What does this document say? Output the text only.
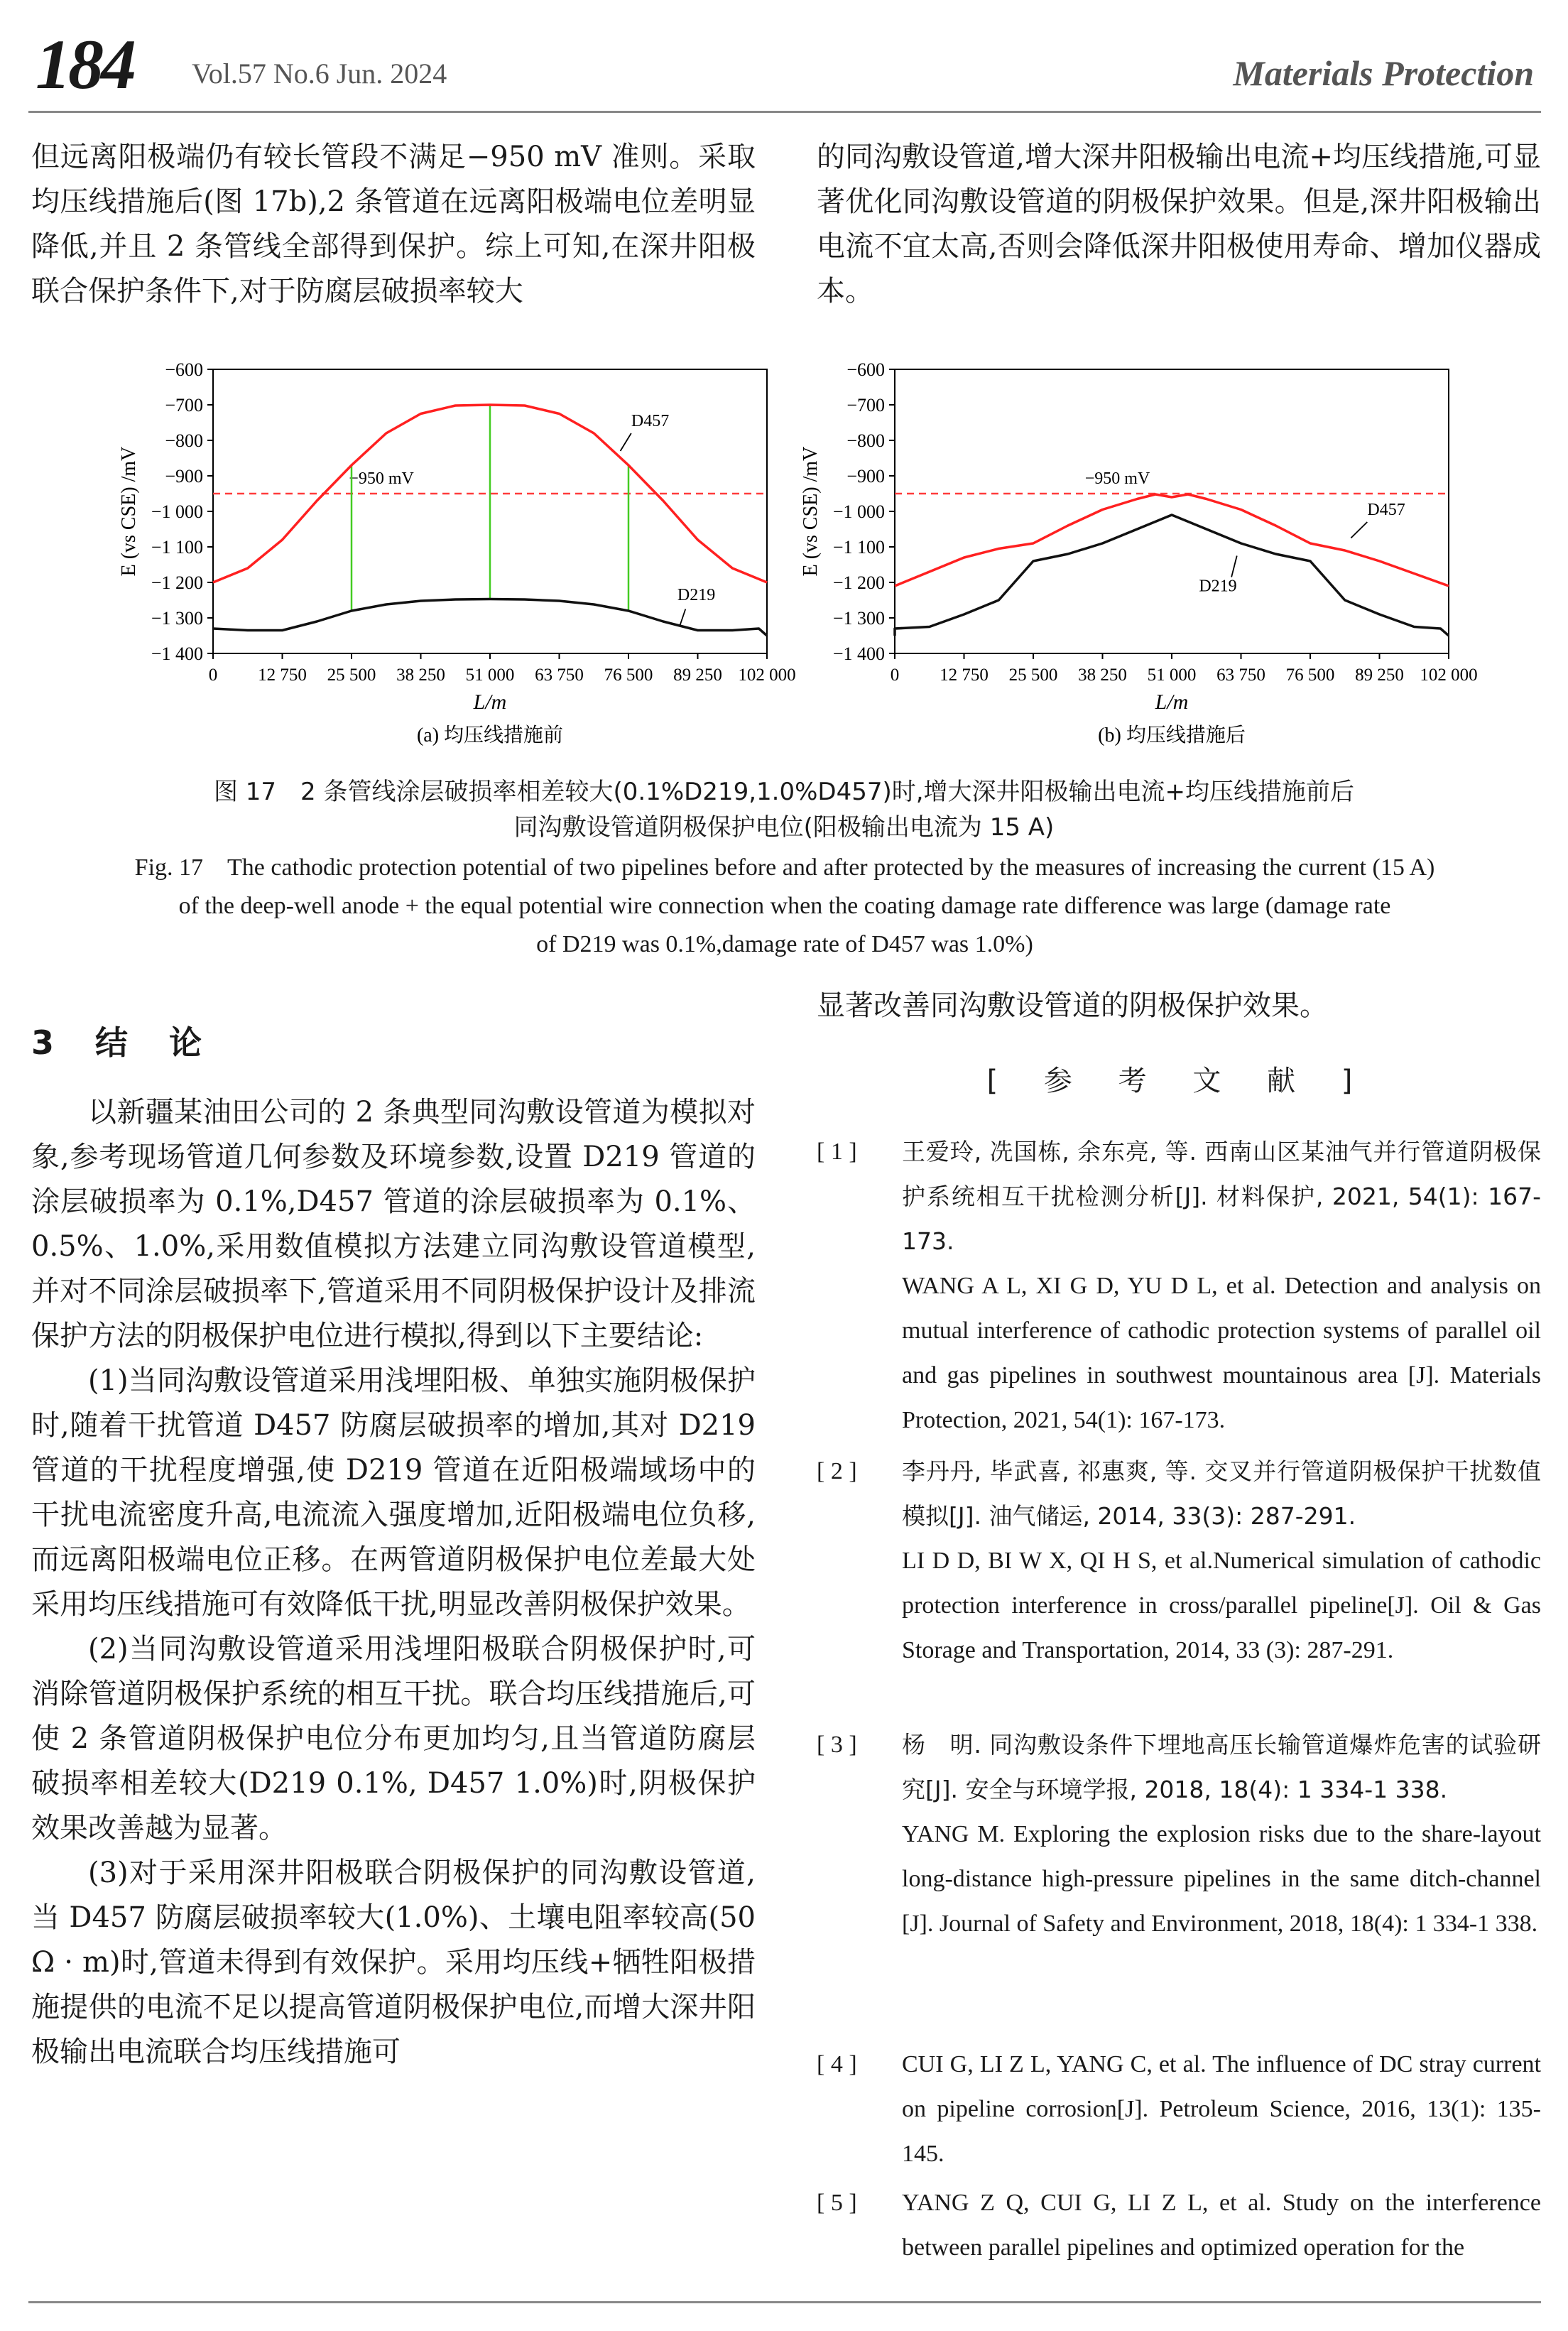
184 Vol.57 No.6 Jun. 2024	Materials Protection

但远离阳极端仍有较长管段不满足−950 mV 准则。采取均压线措施后(图 17b),2 条管道在远离阳极端电位差明显降低,并且 2 条管线全部得到保护。综上可知,在深井阳极联合保护条件下,对于防腐层破损率较大

的同沟敷设管道,增大深井阳极输出电流+均压线措施,可显著优化同沟敷设管道的阴极保护效果。但是,深井阳极输出电流不宜太高,否则会降低深井阳极使用寿命、增加仪器成本。

−600
−700
−800
−900
−1 000
−1 100
−1 200
−1 300
−1 400
0 12 750 25 500 38 250 51 000 63 750 76 500 89 250 102 000
L/m
E (vs CSE) /mV
(a) 均压线措施前
−950 mV
D457
D219
−600
−700
−800
−900
−1 000
−1 100
−1 200
−1 300
−1 400
0 12 750 25 500 38 250 51 000 63 750 76 500 89 250 102 000
L/m
E (vs CSE) /mV
(b) 均压线措施后
−950 mV
D457
D219
图 17　2 条管线涂层破损率相差较大(0.1%D219,1.0%D457)时,增大深井阳极输出电流+均压线措施前后
同沟敷设管道阴极保护电位(阳极输出电流为 15 A)
Fig. 17　The cathodic protection potential of two pipelines before and after protected by the measures of increasing the current (15 A)
of the deep-well anode + the equal potential wire connection when the coating damage rate difference was large (damage rate
of D219 was 0.1%,damage rate of D457 was 1.0%)
3　结　论

以新疆某油田公司的 2 条典型同沟敷设管道为模拟对象,参考现场管道几何参数及环境参数,设置 D219 管道的涂层破损率为 0.1%,D457 管道的涂层破损率为 0.1%、0.5%、1.0%,采用数值模拟方法建立同沟敷设管道模型,并对不同涂层破损率下,管道采用不同阴极保护设计及排流保护方法的阴极保护电位进行模拟,得到以下主要结论:

(1)当同沟敷设管道采用浅埋阳极、单独实施阴极保护时,随着干扰管道 D457 防腐层破损率的增加,其对 D219 管道的干扰程度增强,使 D219 管道在近阳极端域场中的干扰电流密度升高,电流流入强度增加,近阳极端电位负移,而远离阳极端电位正移。在两管道阴极保护电位差最大处采用均压线措施可有效降低干扰,明显改善阴极保护效果。

(2)当同沟敷设管道采用浅埋阳极联合阴极保护时,可消除管道阴极保护系统的相互干扰。联合均压线措施后,可使 2 条管道阴极保护电位分布更加均匀,且当管道防腐层破损率相差较大(D219 0.1%, D457 1.0%)时,阴极保护效果改善越为显著。

(3)对于采用深井阳极联合阴极保护的同沟敷设管道,当 D457 防腐层破损率较大(1.0%)、土壤电阻率较高(50 Ω · m)时,管道未得到有效保护。采用均压线+牺牲阳极措施提供的电流不足以提高管道阴极保护电位,而增大深井阳极输出电流联合均压线措施可

显著改善同沟敷设管道的阴极保护效果。

[ 参 考 文 献 ]
[ 1 ] 王爱玲, 冼国栋, 余东亮, 等. 西南山区某油气并行管道阴极保护系统相互干扰检测分析[J]. 材料保护, 2021, 54(1): 167-173.
WANG A L, XI G D, YU D L, et al. Detection and analysis on mutual interference of cathodic protection systems of parallel oil and gas pipelines in southwest mountainous area [J]. Materials Protection, 2021, 54(1): 167-173.
[ 2 ] 李丹丹, 毕武喜, 祁惠爽, 等. 交叉并行管道阴极保护干扰数值模拟[J]. 油气储运, 2014, 33(3): 287-291.
LI D D, BI W X, QI H S, et al.Numerical simulation of cathodic protection interference in cross/parallel pipeline[J]. Oil & Gas Storage and Transportation, 2014, 33 (3): 287-291.
[ 3 ] 杨　明. 同沟敷设条件下埋地高压长输管道爆炸危害的试验研究[J]. 安全与环境学报, 2018, 18(4): 1 334-1 338.
YANG M. Exploring the explosion risks due to the share-layout long-distance high-pressure pipelines in the same ditch-channel [J]. Journal of Safety and Environment, 2018, 18(4): 1 334-1 338.
[ 4 ] CUI G, LI Z L, YANG C, et al. The influence of DC stray current on pipeline corrosion[J]. Petroleum Science, 2016, 13(1): 135-145.
[ 5 ] YANG Z Q, CUI G, LI Z L, et al. Study on the interference between parallel pipelines and optimized operation for the
